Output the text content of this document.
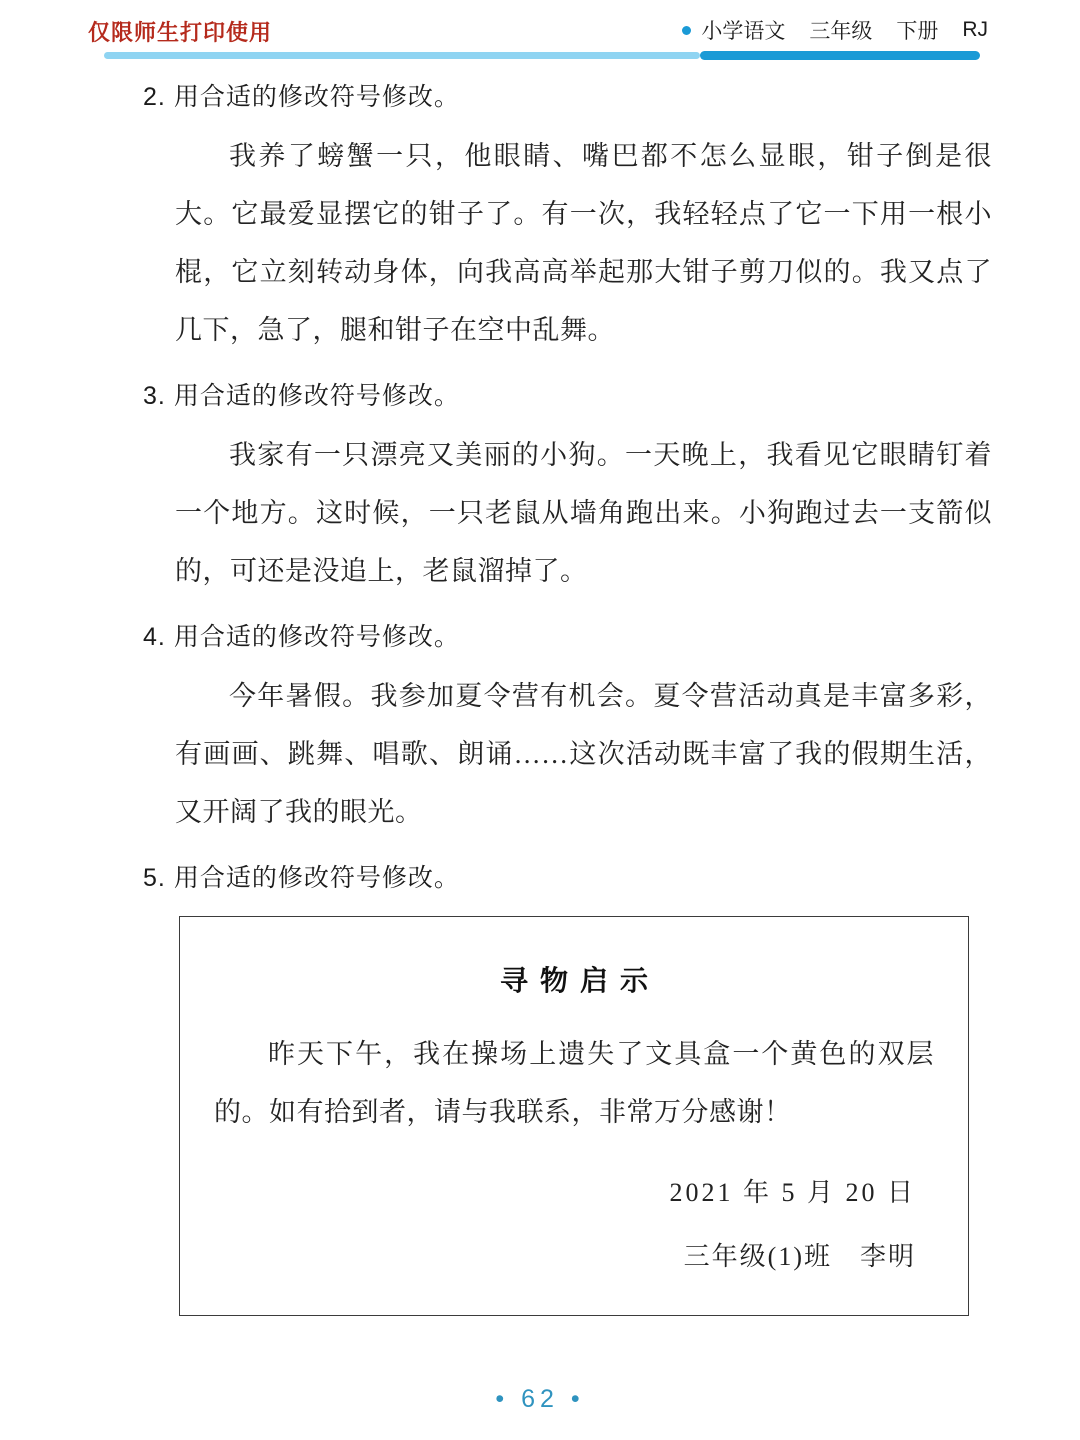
仅限师生打印使用	小学语文 三年级 下册 RJ
2. 用合适的修改符号修改。

我养了螃蟹一只，他眼睛、嘴巴都不怎么显眼，钳子倒是很大。它最爱显摆它的钳子了。有一次，我轻轻点了它一下用一根小棍，它立刻转动身体，向我高高举起那大钳子剪刀似的。我又点了几下，急了，腿和钳子在空中乱舞。

3. 用合适的修改符号修改。

我家有一只漂亮又美丽的小狗。一天晚上，我看见它眼睛钉着一个地方。这时候，一只老鼠从墙角跑出来。小狗跑过去一支箭似的，可还是没追上，老鼠溜掉了。

4. 用合适的修改符号修改。

今年暑假。我参加夏令营有机会。夏令营活动真是丰富多彩，有画画、跳舞、唱歌、朗诵……这次活动既丰富了我的假期生活，又开阔了我的眼光。

5. 用合适的修改符号修改。
寻物启示

昨天下午，我在操场上遗失了文具盒一个黄色的双层的。如有拾到者，请与我联系，非常万分感谢！

2021 年 5 月 20 日
三年级(1)班　李明
• 62 •
